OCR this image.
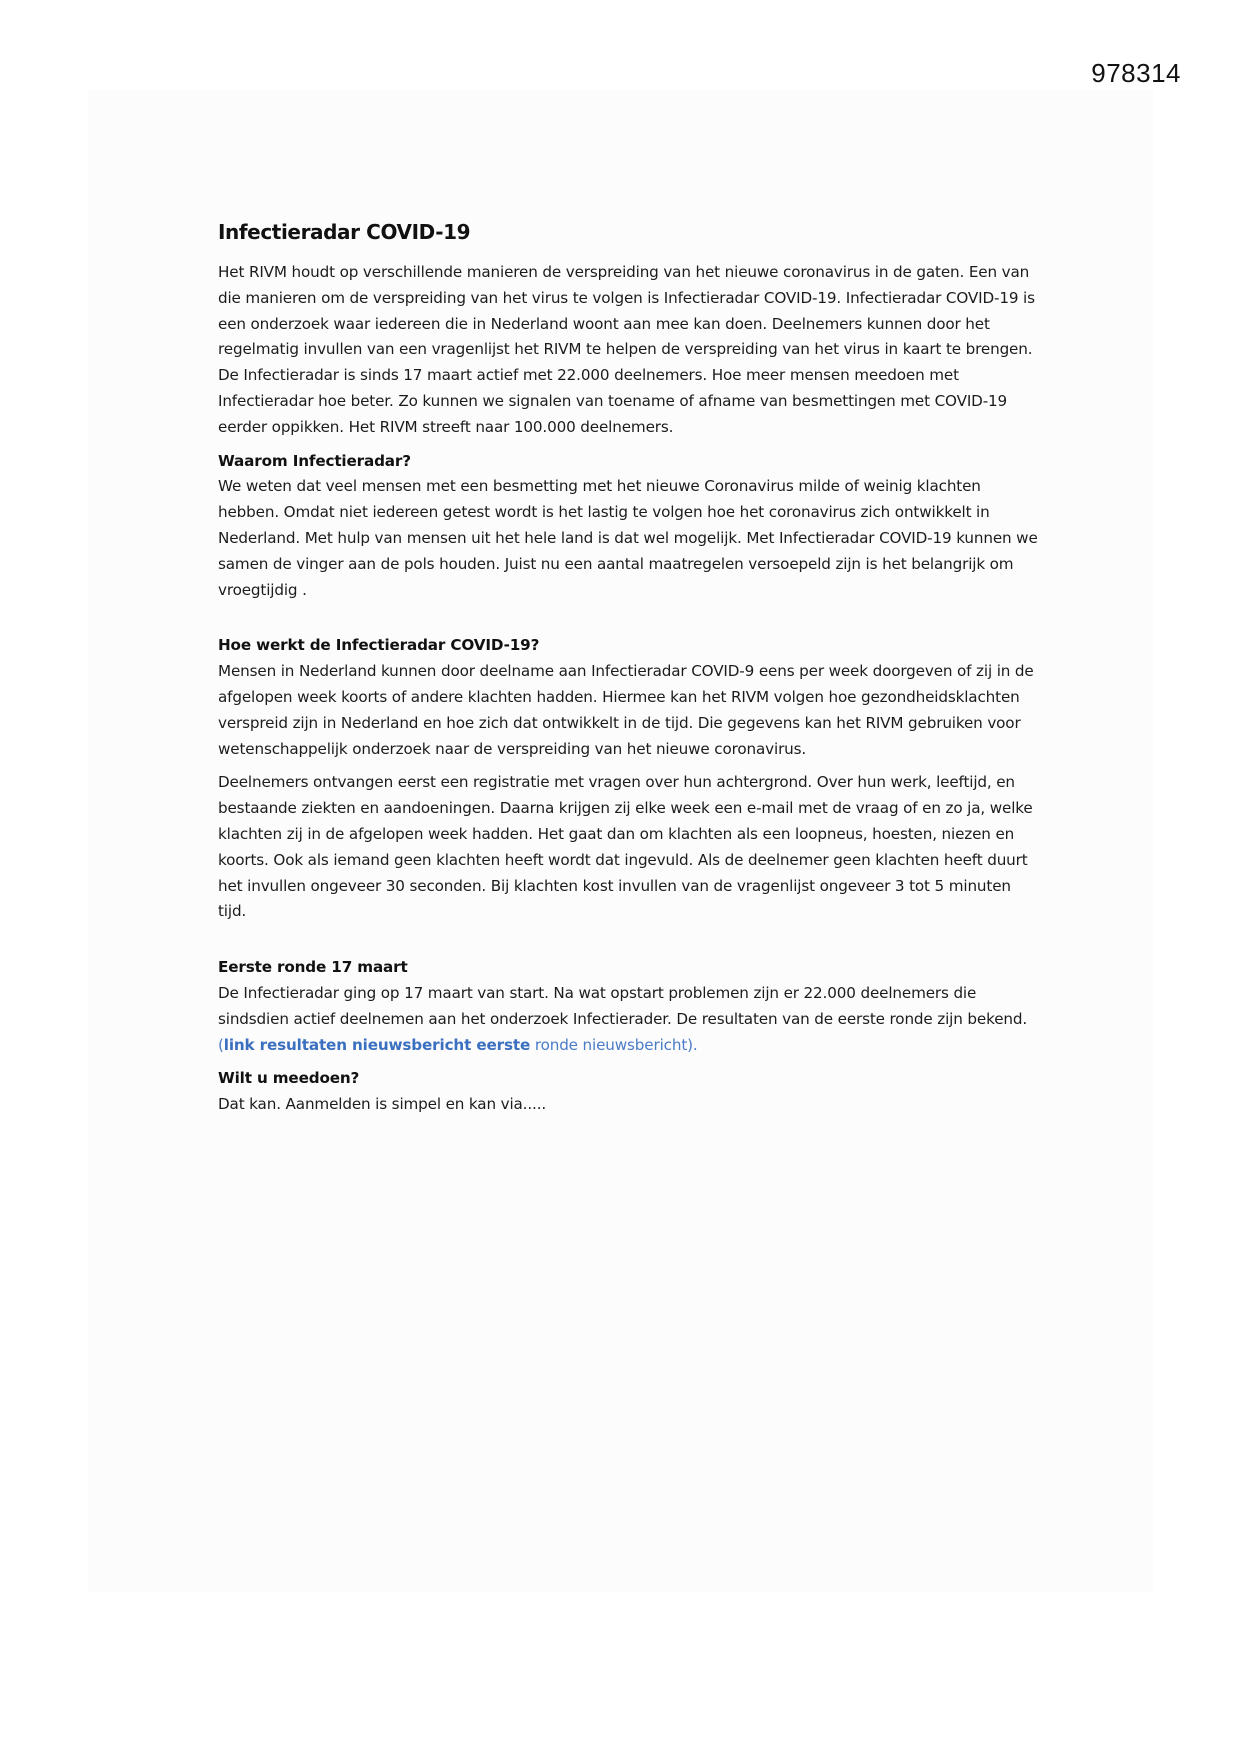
978314
Infectieradar COVID-19

Het RIVM houdt op verschillende manieren de verspreiding van het nieuwe coronavirus in de gaten. Een van die manieren om de verspreiding van het virus te volgen is Infectieradar COVID-19. Infectieradar COVID-19 is een onderzoek waar iedereen die in Nederland woont aan mee kan doen. Deelnemers kunnen door het regelmatig invullen van een vragenlijst het RIVM te helpen de verspreiding van het virus in kaart te brengen. De Infectieradar is sinds 17 maart actief met 22.000 deelnemers. Hoe meer mensen meedoen met Infectieradar hoe beter. Zo kunnen we signalen van toename of afname van besmettingen met COVID-19 eerder oppikken. Het RIVM streeft naar 100.000 deelnemers.

Waarom Infectieradar?

We weten dat veel mensen met een besmetting met het nieuwe Coronavirus milde of weinig klachten hebben. Omdat niet iedereen getest wordt is het lastig te volgen hoe het coronavirus zich ontwikkelt in Nederland. Met hulp van mensen uit het hele land is dat wel mogelijk. Met Infectieradar COVID-19 kunnen we samen de vinger aan de pols houden. Juist nu een aantal maatregelen versoepeld zijn is het belangrijk om vroegtijdig .

Hoe werkt de Infectieradar COVID-19?

Mensen in Nederland kunnen door deelname aan Infectieradar COVID-9 eens per week doorgeven of zij in de afgelopen week koorts of andere klachten hadden. Hiermee kan het RIVM volgen hoe gezondheidsklachten verspreid zijn in Nederland en hoe zich dat ontwikkelt in de tijd. Die gegevens kan het RIVM gebruiken voor wetenschappelijk onderzoek naar de verspreiding van het nieuwe coronavirus.

Deelnemers ontvangen eerst een registratie met vragen over hun achtergrond. Over hun werk, leeftijd, en bestaande ziekten en aandoeningen. Daarna krijgen zij elke week een e-mail met de vraag of en zo ja, welke klachten zij in de afgelopen week hadden. Het gaat dan om klachten als een loopneus, hoesten, niezen en koorts. Ook als iemand geen klachten heeft wordt dat ingevuld. Als de deelnemer geen klachten heeft duurt het invullen ongeveer 30 seconden. Bij klachten kost invullen van de vragenlijst ongeveer 3 tot 5 minuten tijd.

Eerste ronde 17 maart

De Infectieradar ging op 17 maart van start. Na wat opstart problemen zijn er 22.000 deelnemers die sindsdien actief deelnemen aan het onderzoek Infectierader. De resultaten van de eerste ronde zijn bekend. (link resultaten nieuwsbericht eerste ronde nieuwsbericht).

Wilt u meedoen?

Dat kan. Aanmelden is simpel en kan via.....
